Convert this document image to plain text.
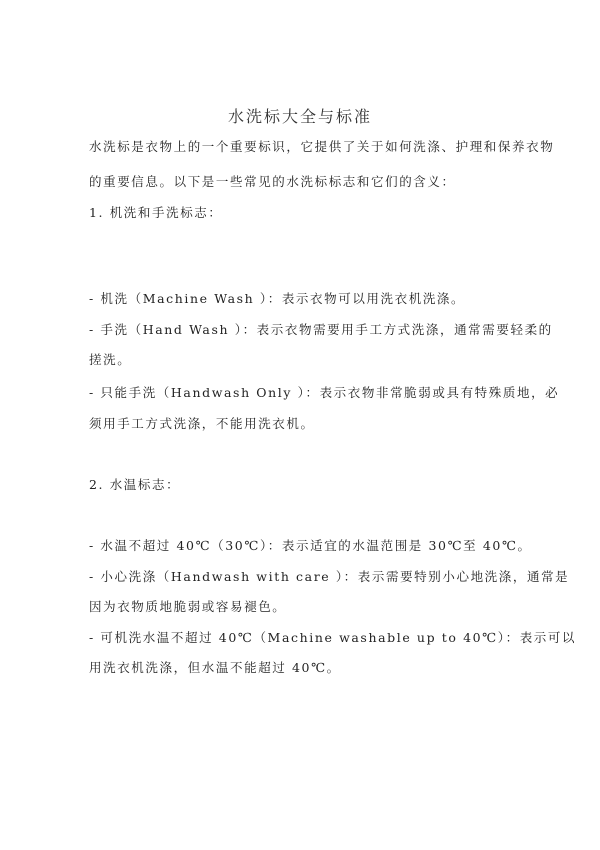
水洗标大全与标准
水洗标是衣物上的一个重要标识，它提供了关于如何洗涤、护理和保养衣物
的重要信息。以下是一些常见的水洗标标志和它们的含义：
1. 机洗和手洗标志：
- 机洗（Machine Wash ）：表示衣物可以用洗衣机洗涤。
- 手洗（Hand Wash ）：表示衣物需要用手工方式洗涤，通常需要轻柔的
搓洗。
- 只能手洗（Handwash Only ）：表示衣物非常脆弱或具有特殊质地，必
须用手工方式洗涤，不能用洗衣机。
2. 水温标志：
- 水温不超过 40℃（30℃）：表示适宜的水温范围是 30℃至 40℃。
- 小心洗涤（Handwash with care ）：表示需要特别小心地洗涤，通常是
因为衣物质地脆弱或容易褪色。
- 可机洗水温不超过 40℃（Machine washable up to 40℃）：表示可以
用洗衣机洗涤，但水温不能超过 40℃。
